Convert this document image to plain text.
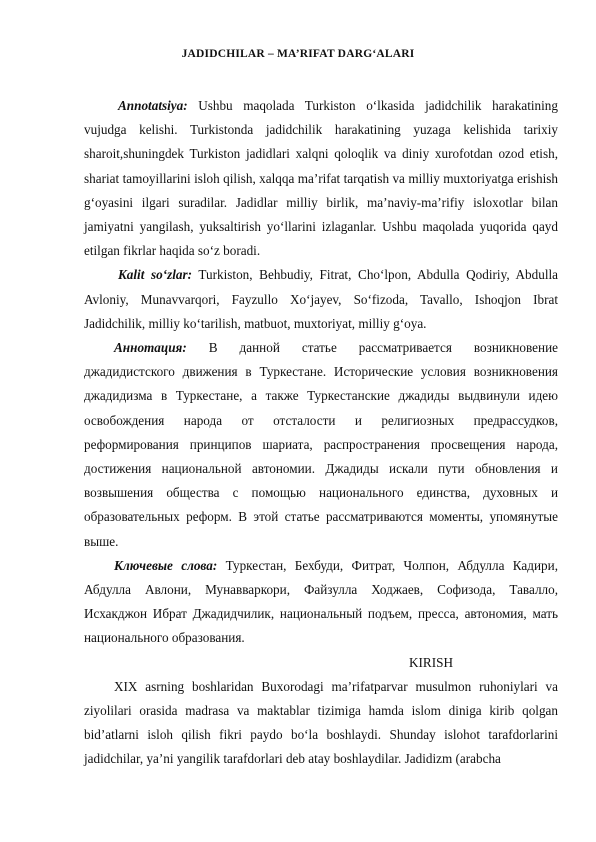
JADIDCHILAR – MA’RIFAT DARG‘ALARI

Annotatsiya: Ushbu maqolada Turkiston o‘lkasida jadidchilik harakatining vujudga kelishi. Turkistonda jadidchilik harakatining yuzaga kelishida tarixiy sharoit,shuningdek Turkiston jadidlari xalqni qoloqlik va diniy xurofotdan ozod etish, shariat tamoyillarini isloh qilish, xalqqa ma’rifat tarqatish va milliy muxtoriyatga erishish g‘oyasini ilgari suradilar. Jadidlar milliy birlik, ma’naviy-ma’rifiy isloxotlar bilan jamiyatni yangilash, yuksaltirish yo‘llarini izlaganlar. Ushbu maqolada yuqorida qayd etilgan fikrlar haqida so‘z boradi.

Kalit so‘zlar: Turkiston, Behbudiy, Fitrat, Cho‘lpon, Abdulla Qodiriy, Abdulla Avloniy, Munavvarqori, Fayzullo Xo‘jayev, So‘fizoda, Tavallo, Ishoqjon Ibrat Jadidchilik, milliy ko‘tarilish, matbuot, muxtoriyat, milliy g‘oya.

Аннотация: В данной статье рассматривается возникновение джадидистского движения в Туркестане. Исторические условия возникновения джадидизма в Туркестане, а также Туркестанские джадиды выдвинули идею освобождения народа от отсталости и религиозных предрассудков, реформирования принципов шариата, распространения просвещения народа, достижения национальной автономии. Джадиды искали пути обновления и возвышения общества с помощью национального единства, духовных и образовательных реформ. В этой статье рассматриваются моменты, упомянутые выше.

Ключевые слова: Туркестан, Бехбуди, Фитрат, Чолпон, Абдулла Кадири, Абдулла Авлони, Мунавваркори, Файзулла Ходжаев, Софизода, Тавалло, Исхакджон Ибрат Джадидчилик, национальный подъем, пресса, автономия, мать национального образования.

KIRISH

XIX asrning boshlaridan Buxorodagi ma’rifatparvar musulmon ruhoniylari va ziyolilari orasida madrasa va maktablar tizimiga hamda islom diniga kirib qolgan bid’atlarni isloh qilish fikri paydo bo‘la boshlaydi. Shunday islohot tarafdorlarini jadidchilar, ya’ni yangilik tarafdorlari deb atay boshlaydilar. Jadidizm (arabcha
